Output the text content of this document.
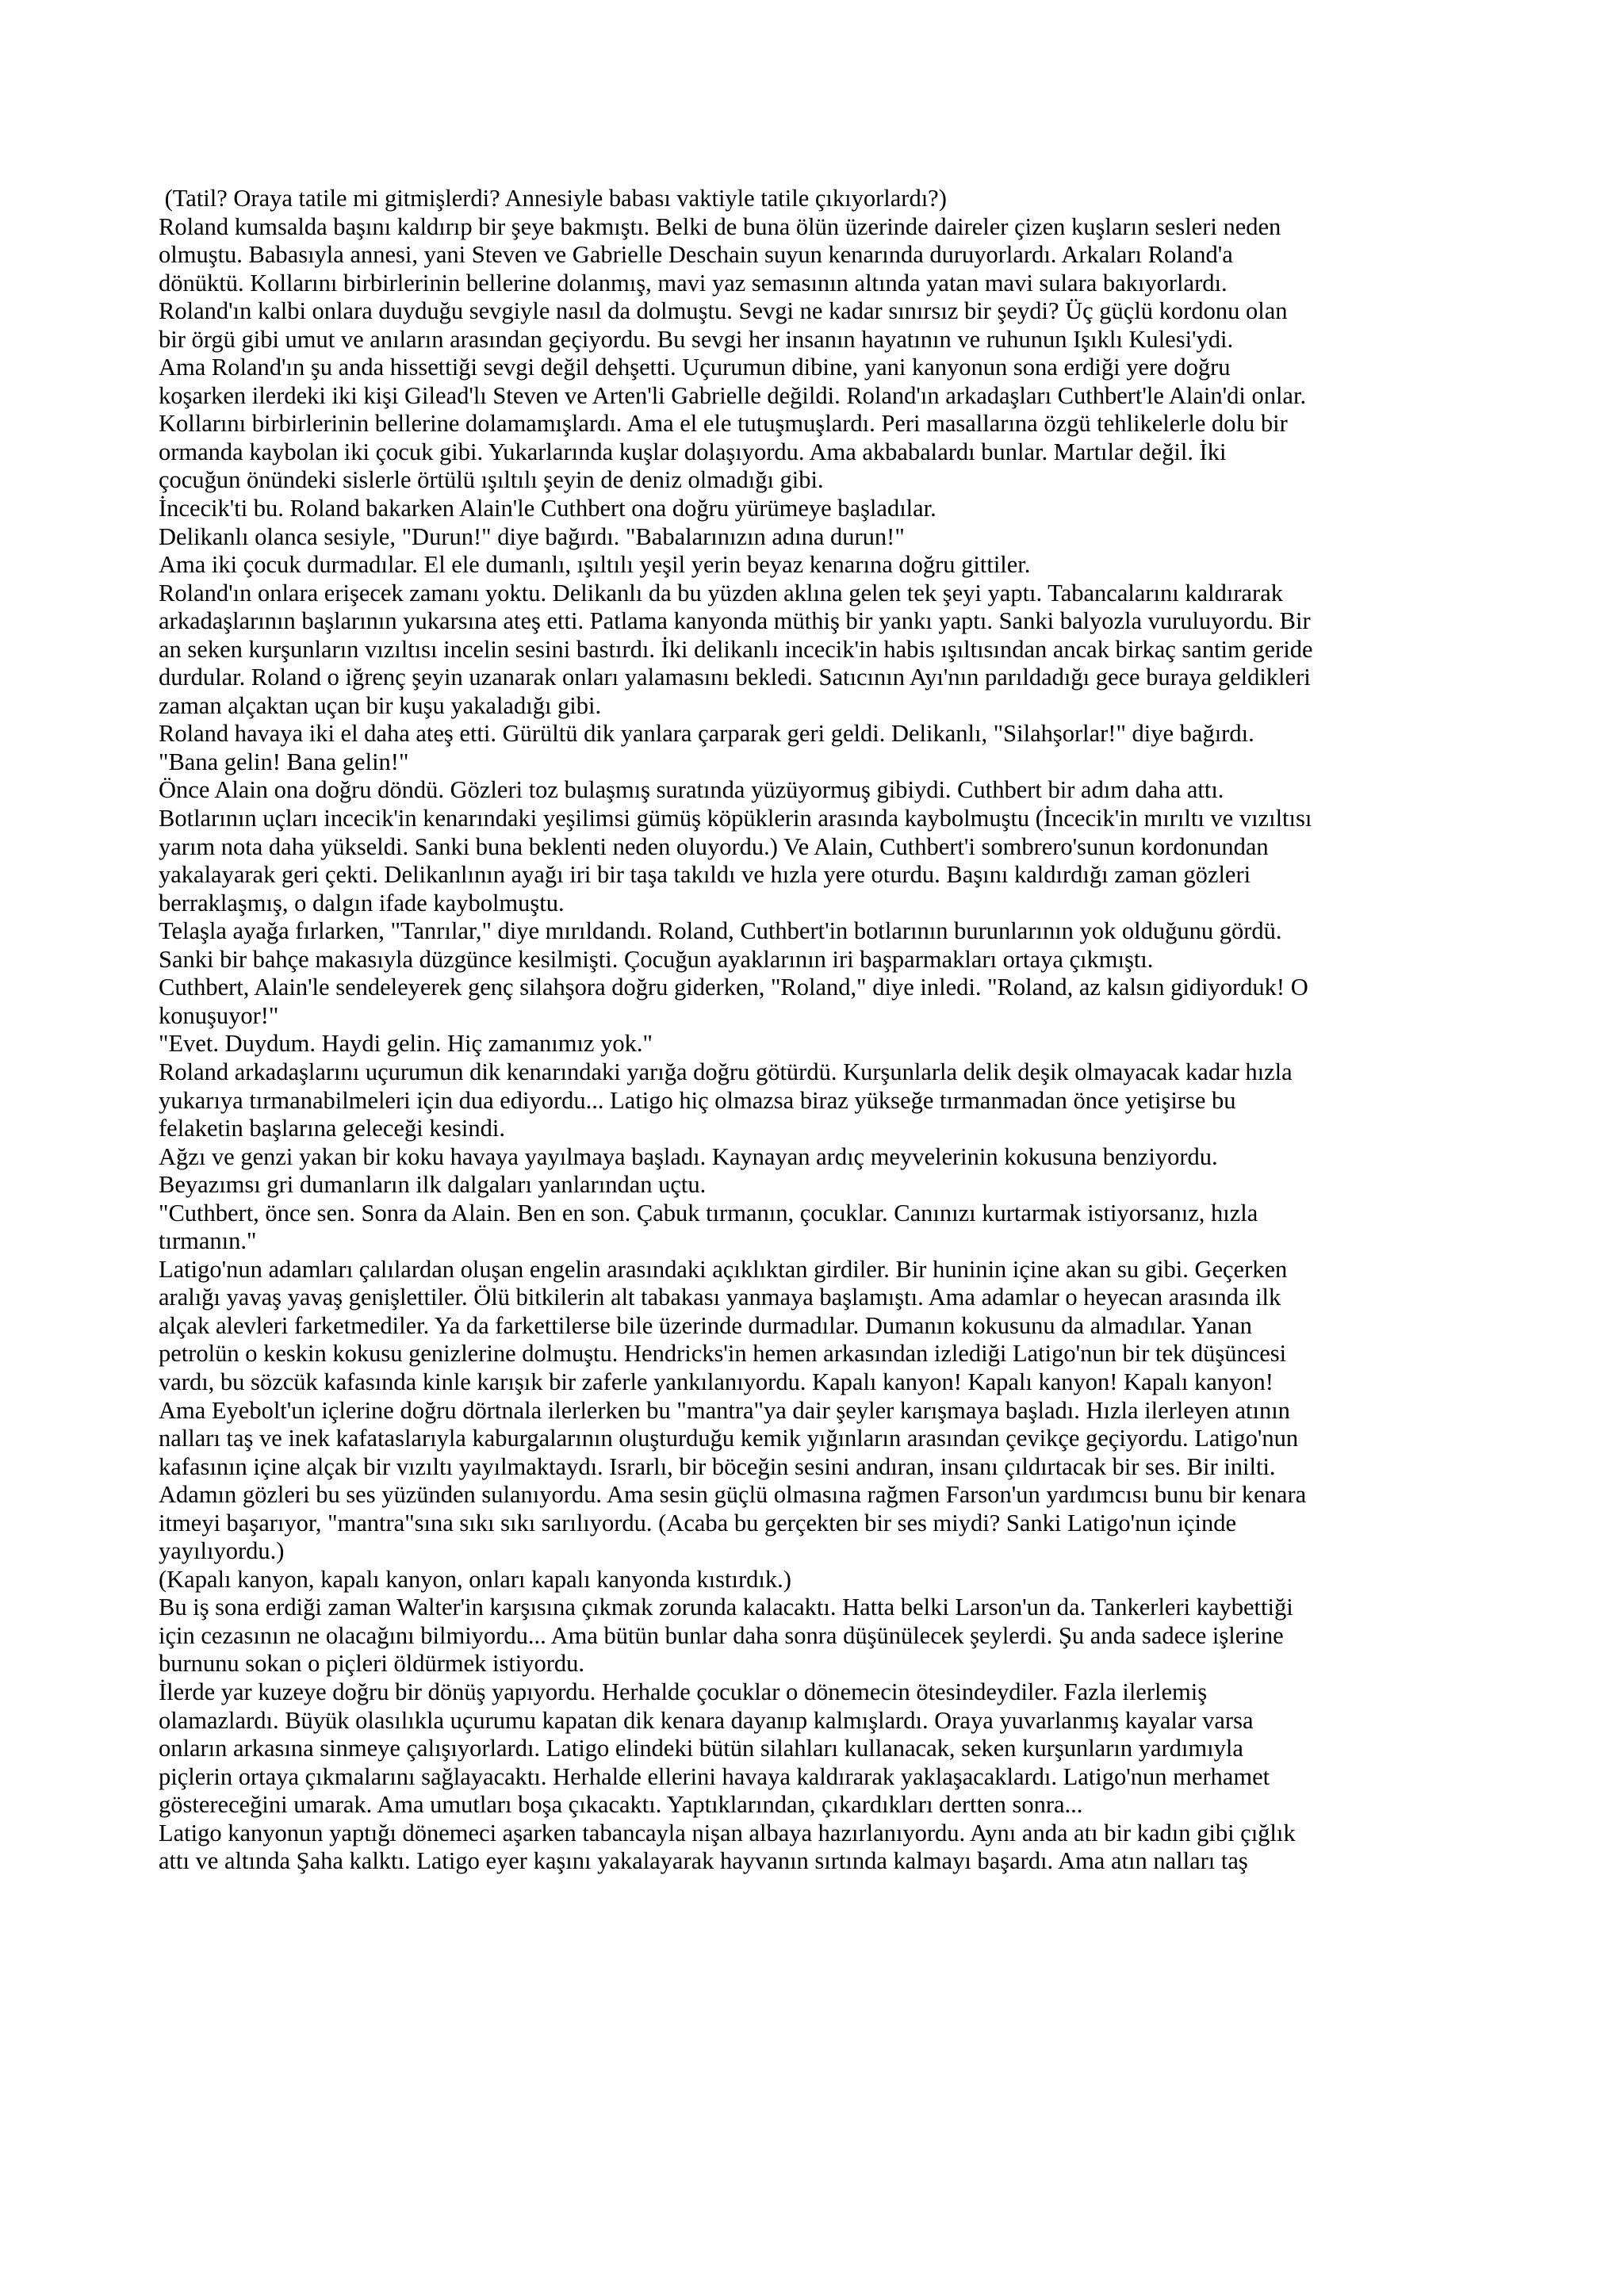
(Tatil? Oraya tatile mi gitmişlerdi? Annesiyle babası vaktiyle tatile çıkıyorlardı?)
Roland kumsalda başını kaldırıp bir şeye bakmıştı. Belki de buna ölün üzerinde daireler çizen kuşların sesleri neden
olmuştu. Babasıyla annesi, yani Steven ve Gabrielle Deschain suyun kenarında duruyorlardı. Arkaları Roland'a
dönüktü. Kollarını birbirlerinin bellerine dolanmış, mavi yaz semasının altında yatan mavi sulara bakıyorlardı.
Roland'ın kalbi onlara duyduğu sevgiyle nasıl da dolmuştu. Sevgi ne kadar sınırsız bir şeydi? Üç güçlü kordonu olan
bir örgü gibi umut ve anıların arasından geçiyordu. Bu sevgi her insanın hayatının ve ruhunun Işıklı Kulesi'ydi.
Ama Roland'ın şu anda hissettiği sevgi değil dehşetti. Uçurumun dibine, yani kanyonun sona erdiği yere doğru
koşarken ilerdeki iki kişi Gilead'lı Steven ve Arten'li Gabrielle değildi. Roland'ın arkadaşları Cuthbert'le Alain'di onlar.
Kollarını birbirlerinin bellerine dolamamışlardı. Ama el ele tutuşmuşlardı. Peri masallarına özgü tehlikelerle dolu bir
ormanda kaybolan iki çocuk gibi. Yukarlarında kuşlar dolaşıyordu. Ama akbabalardı bunlar. Martılar değil. İki
çocuğun önündeki sislerle örtülü ışıltılı şeyin de deniz olmadığı gibi.
İncecik'ti bu. Roland bakarken Alain'le Cuthbert ona doğru yürümeye başladılar.
Delikanlı olanca sesiyle, "Durun!" diye bağırdı. "Babalarınızın adına durun!"
Ama iki çocuk durmadılar. El ele dumanlı, ışıltılı yeşil yerin beyaz kenarına doğru gittiler.
Roland'ın onlara erişecek zamanı yoktu. Delikanlı da bu yüzden aklına gelen tek şeyi yaptı. Tabancalarını kaldırarak
arkadaşlarının başlarının yukarsına ateş etti. Patlama kanyonda müthiş bir yankı yaptı. Sanki balyozla vuruluyordu. Bir
an seken kurşunların vızıltısı incelin sesini bastırdı. İki delikanlı incecik'in habis ışıltısından ancak birkaç santim geride
durdular. Roland o iğrenç şeyin uzanarak onları yalamasını bekledi. Satıcının Ayı'nın parıldadığı gece buraya geldikleri
zaman alçaktan uçan bir kuşu yakaladığı gibi.
Roland havaya iki el daha ateş etti. Gürültü dik yanlara çarparak geri geldi. Delikanlı, "Silahşorlar!" diye bağırdı.
"Bana gelin! Bana gelin!"
Önce Alain ona doğru döndü. Gözleri toz bulaşmış suratında yüzüyormuş gibiydi. Cuthbert bir adım daha attı.
Botlarının uçları incecik'in kenarındaki yeşilimsi gümüş köpüklerin arasında kaybolmuştu (İncecik'in mırıltı ve vızıltısı
yarım nota daha yükseldi. Sanki buna beklenti neden oluyordu.) Ve Alain, Cuthbert'i sombrero'sunun kordonundan
yakalayarak geri çekti. Delikanlının ayağı iri bir taşa takıldı ve hızla yere oturdu. Başını kaldırdığı zaman gözleri
berraklaşmış, o dalgın ifade kaybolmuştu.
Telaşla ayağa fırlarken, "Tanrılar," diye mırıldandı. Roland, Cuthbert'in botlarının burunlarının yok olduğunu gördü.
Sanki bir bahçe makasıyla düzgünce kesilmişti. Çocuğun ayaklarının iri başparmakları ortaya çıkmıştı.
Cuthbert, Alain'le sendeleyerek genç silahşora doğru giderken, "Roland," diye inledi. "Roland, az kalsın gidiyorduk! O
konuşuyor!"
"Evet. Duydum. Haydi gelin. Hiç zamanımız yok."
Roland arkadaşlarını uçurumun dik kenarındaki yarığa doğru götürdü. Kurşunlarla delik deşik olmayacak kadar hızla
yukarıya tırmanabilmeleri için dua ediyordu... Latigo hiç olmazsa biraz yükseğe tırmanmadan önce yetişirse bu
felaketin başlarına geleceği kesindi.
Ağzı ve genzi yakan bir koku havaya yayılmaya başladı. Kaynayan ardıç meyvelerinin kokusuna benziyordu.
Beyazımsı gri dumanların ilk dalgaları yanlarından uçtu.
"Cuthbert, önce sen. Sonra da Alain. Ben en son. Çabuk tırmanın, çocuklar. Canınızı kurtarmak istiyorsanız, hızla
tırmanın."
Latigo'nun adamları çalılardan oluşan engelin arasındaki açıklıktan girdiler. Bir huninin içine akan su gibi. Geçerken
aralığı yavaş yavaş genişlettiler. Ölü bitkilerin alt tabakası yanmaya başlamıştı. Ama adamlar o heyecan arasında ilk
alçak alevleri farketmediler. Ya da farkettilerse bile üzerinde durmadılar. Dumanın kokusunu da almadılar. Yanan
petrolün o keskin kokusu genizlerine dolmuştu. Hendricks'in hemen arkasından izlediği Latigo'nun bir tek düşüncesi
vardı, bu sözcük kafasında kinle karışık bir zaferle yankılanıyordu. Kapalı kanyon! Kapalı kanyon! Kapalı kanyon!
Ama Eyebolt'un içlerine doğru dörtnala ilerlerken bu "mantra"ya dair şeyler karışmaya başladı. Hızla ilerleyen atının
nalları taş ve inek kafataslarıyla kaburgalarının oluşturduğu kemik yığınların arasından çevikçe geçiyordu. Latigo'nun
kafasının içine alçak bir vızıltı yayılmaktaydı. Israrlı, bir böceğin sesini andıran, insanı çıldırtacak bir ses. Bir inilti.
Adamın gözleri bu ses yüzünden sulanıyordu. Ama sesin güçlü olmasına rağmen Farson'un yardımcısı bunu bir kenara
itmeyi başarıyor, "mantra"sına sıkı sıkı sarılıyordu. (Acaba bu gerçekten bir ses miydi? Sanki Latigo'nun içinde
yayılıyordu.)
(Kapalı kanyon, kapalı kanyon, onları kapalı kanyonda kıstırdık.)
Bu iş sona erdiği zaman Walter'in karşısına çıkmak zorunda kalacaktı. Hatta belki Larson'un da. Tankerleri kaybettiği
için cezasının ne olacağını bilmiyordu... Ama bütün bunlar daha sonra düşünülecek şeylerdi. Şu anda sadece işlerine
burnunu sokan o piçleri öldürmek istiyordu.
İlerde yar kuzeye doğru bir dönüş yapıyordu. Herhalde çocuklar o dönemecin ötesindeydiler. Fazla ilerlemiş
olamazlardı. Büyük olasılıkla uçurumu kapatan dik kenara dayanıp kalmışlardı. Oraya yuvarlanmış kayalar varsa
onların arkasına sinmeye çalışıyorlardı. Latigo elindeki bütün silahları kullanacak, seken kurşunların yardımıyla
piçlerin ortaya çıkmalarını sağlayacaktı. Herhalde ellerini havaya kaldırarak yaklaşacaklardı. Latigo'nun merhamet
göstereceğini umarak. Ama umutları boşa çıkacaktı. Yaptıklarından, çıkardıkları dertten sonra...
Latigo kanyonun yaptığı dönemeci aşarken tabancayla nişan albaya hazırlanıyordu. Aynı anda atı bir kadın gibi çığlık
attı ve altında Şaha kalktı. Latigo eyer kaşını yakalayarak hayvanın sırtında kalmayı başardı. Ama atın nalları taş
